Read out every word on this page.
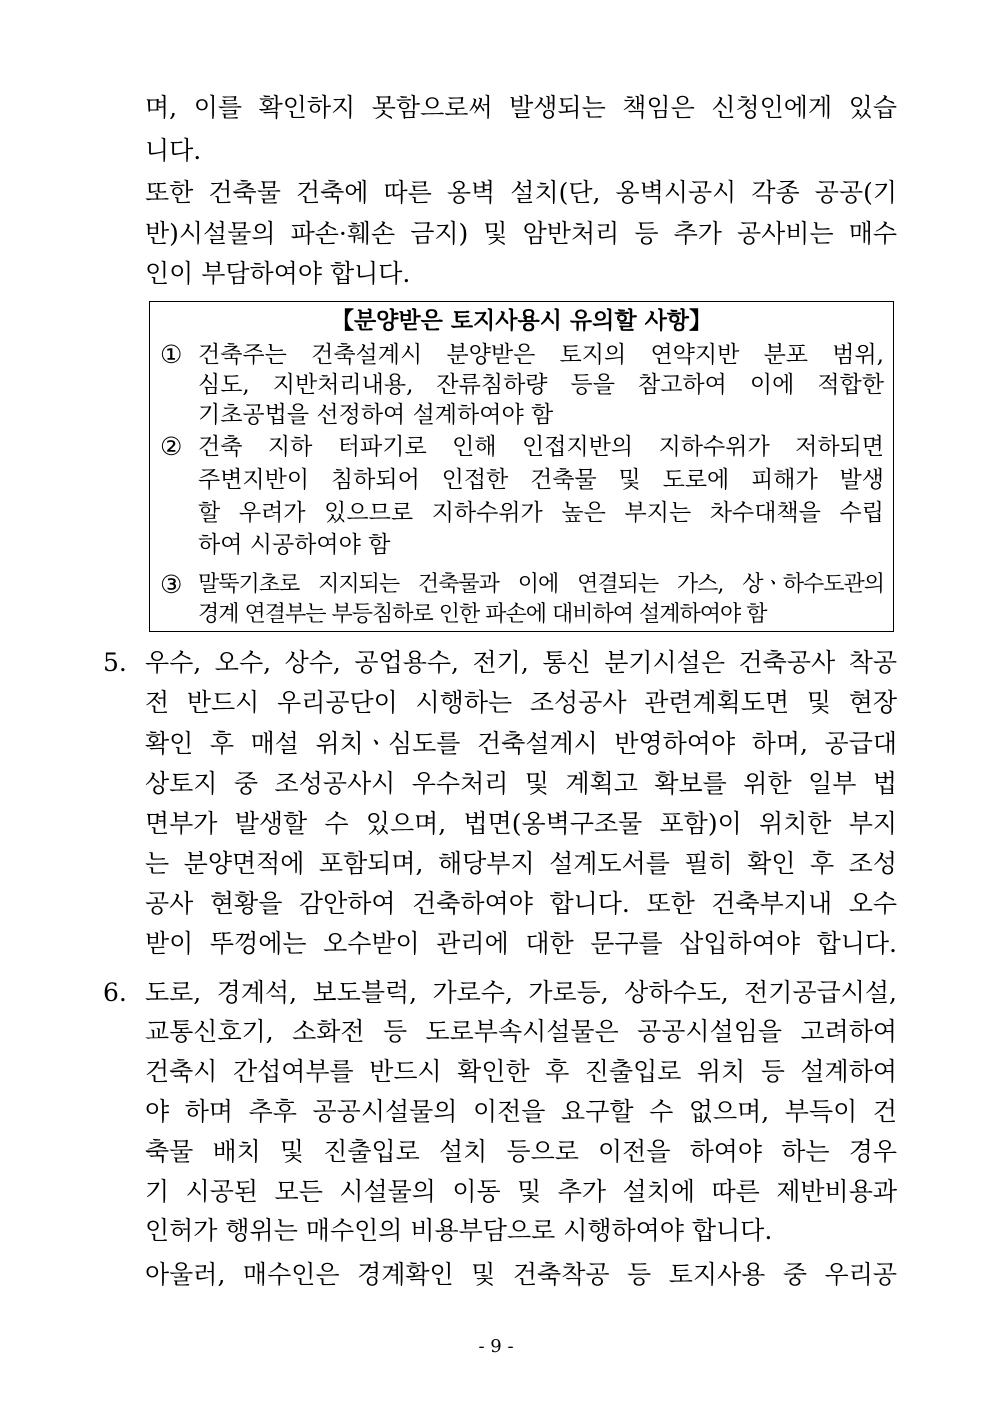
며, 이를 확인하지 못함으로써 발생되는 책임은 신청인에게 있습

니다.

또한 건축물 건축에 따른 옹벽 설치(단, 옹벽시공시 각종 공공(기

반)시설물의 파손·훼손 금지) 및 암반처리 등 추가 공사비는 매수

인이 부담하여야 합니다.

【분양받은 토지사용시 유의할 사항】

① 건축주는 건축설계시 분양받은 토지의 연약지반 분포 범위,

심도, 지반처리내용, 잔류침하량 등을 참고하여 이에 적합한

기초공법을 선정하여 설계하여야 함

② 건축 지하 터파기로 인해 인접지반의 지하수위가 저하되면

주변지반이 침하되어 인접한 건축물 및 도로에 피해가 발생

할 우려가 있으므로 지하수위가 높은 부지는 차수대책을 수립

하여 시공하여야 함

③ 말뚝기초로 지지되는 건축물과 이에 연결되는 가스, 상ㆍ하수도관의

경계 연결부는 부등침하로 인한 파손에 대비하여 설계하여야 함

5. 우수, 오수, 상수, 공업용수, 전기, 통신 분기시설은 건축공사 착공

전 반드시 우리공단이 시행하는 조성공사 관련계획도면 및 현장

확인 후 매설 위치ㆍ심도를 건축설계시 반영하여야 하며, 공급대

상토지 중 조성공사시 우수처리 및 계획고 확보를 위한 일부 법

면부가 발생할 수 있으며, 법면(옹벽구조물 포함)이 위치한 부지

는 분양면적에 포함되며, 해당부지 설계도서를 필히 확인 후 조성

공사 현황을 감안하여 건축하여야 합니다. 또한 건축부지내 오수

받이 뚜껑에는 오수받이 관리에 대한 문구를 삽입하여야 합니다.

6. 도로, 경계석, 보도블럭, 가로수, 가로등, 상하수도, 전기공급시설,

교통신호기, 소화전 등 도로부속시설물은 공공시설임을 고려하여

건축시 간섭여부를 반드시 확인한 후 진출입로 위치 등 설계하여

야 하며 추후 공공시설물의 이전을 요구할 수 없으며, 부득이 건

축물 배치 및 진출입로 설치 등으로 이전을 하여야 하는 경우

기 시공된 모든 시설물의 이동 및 추가 설치에 따른 제반비용과

인허가 행위는 매수인의 비용부담으로 시행하여야 합니다.

아울러, 매수인은 경계확인 및 건축착공 등 토지사용 중 우리공

- 9 -
